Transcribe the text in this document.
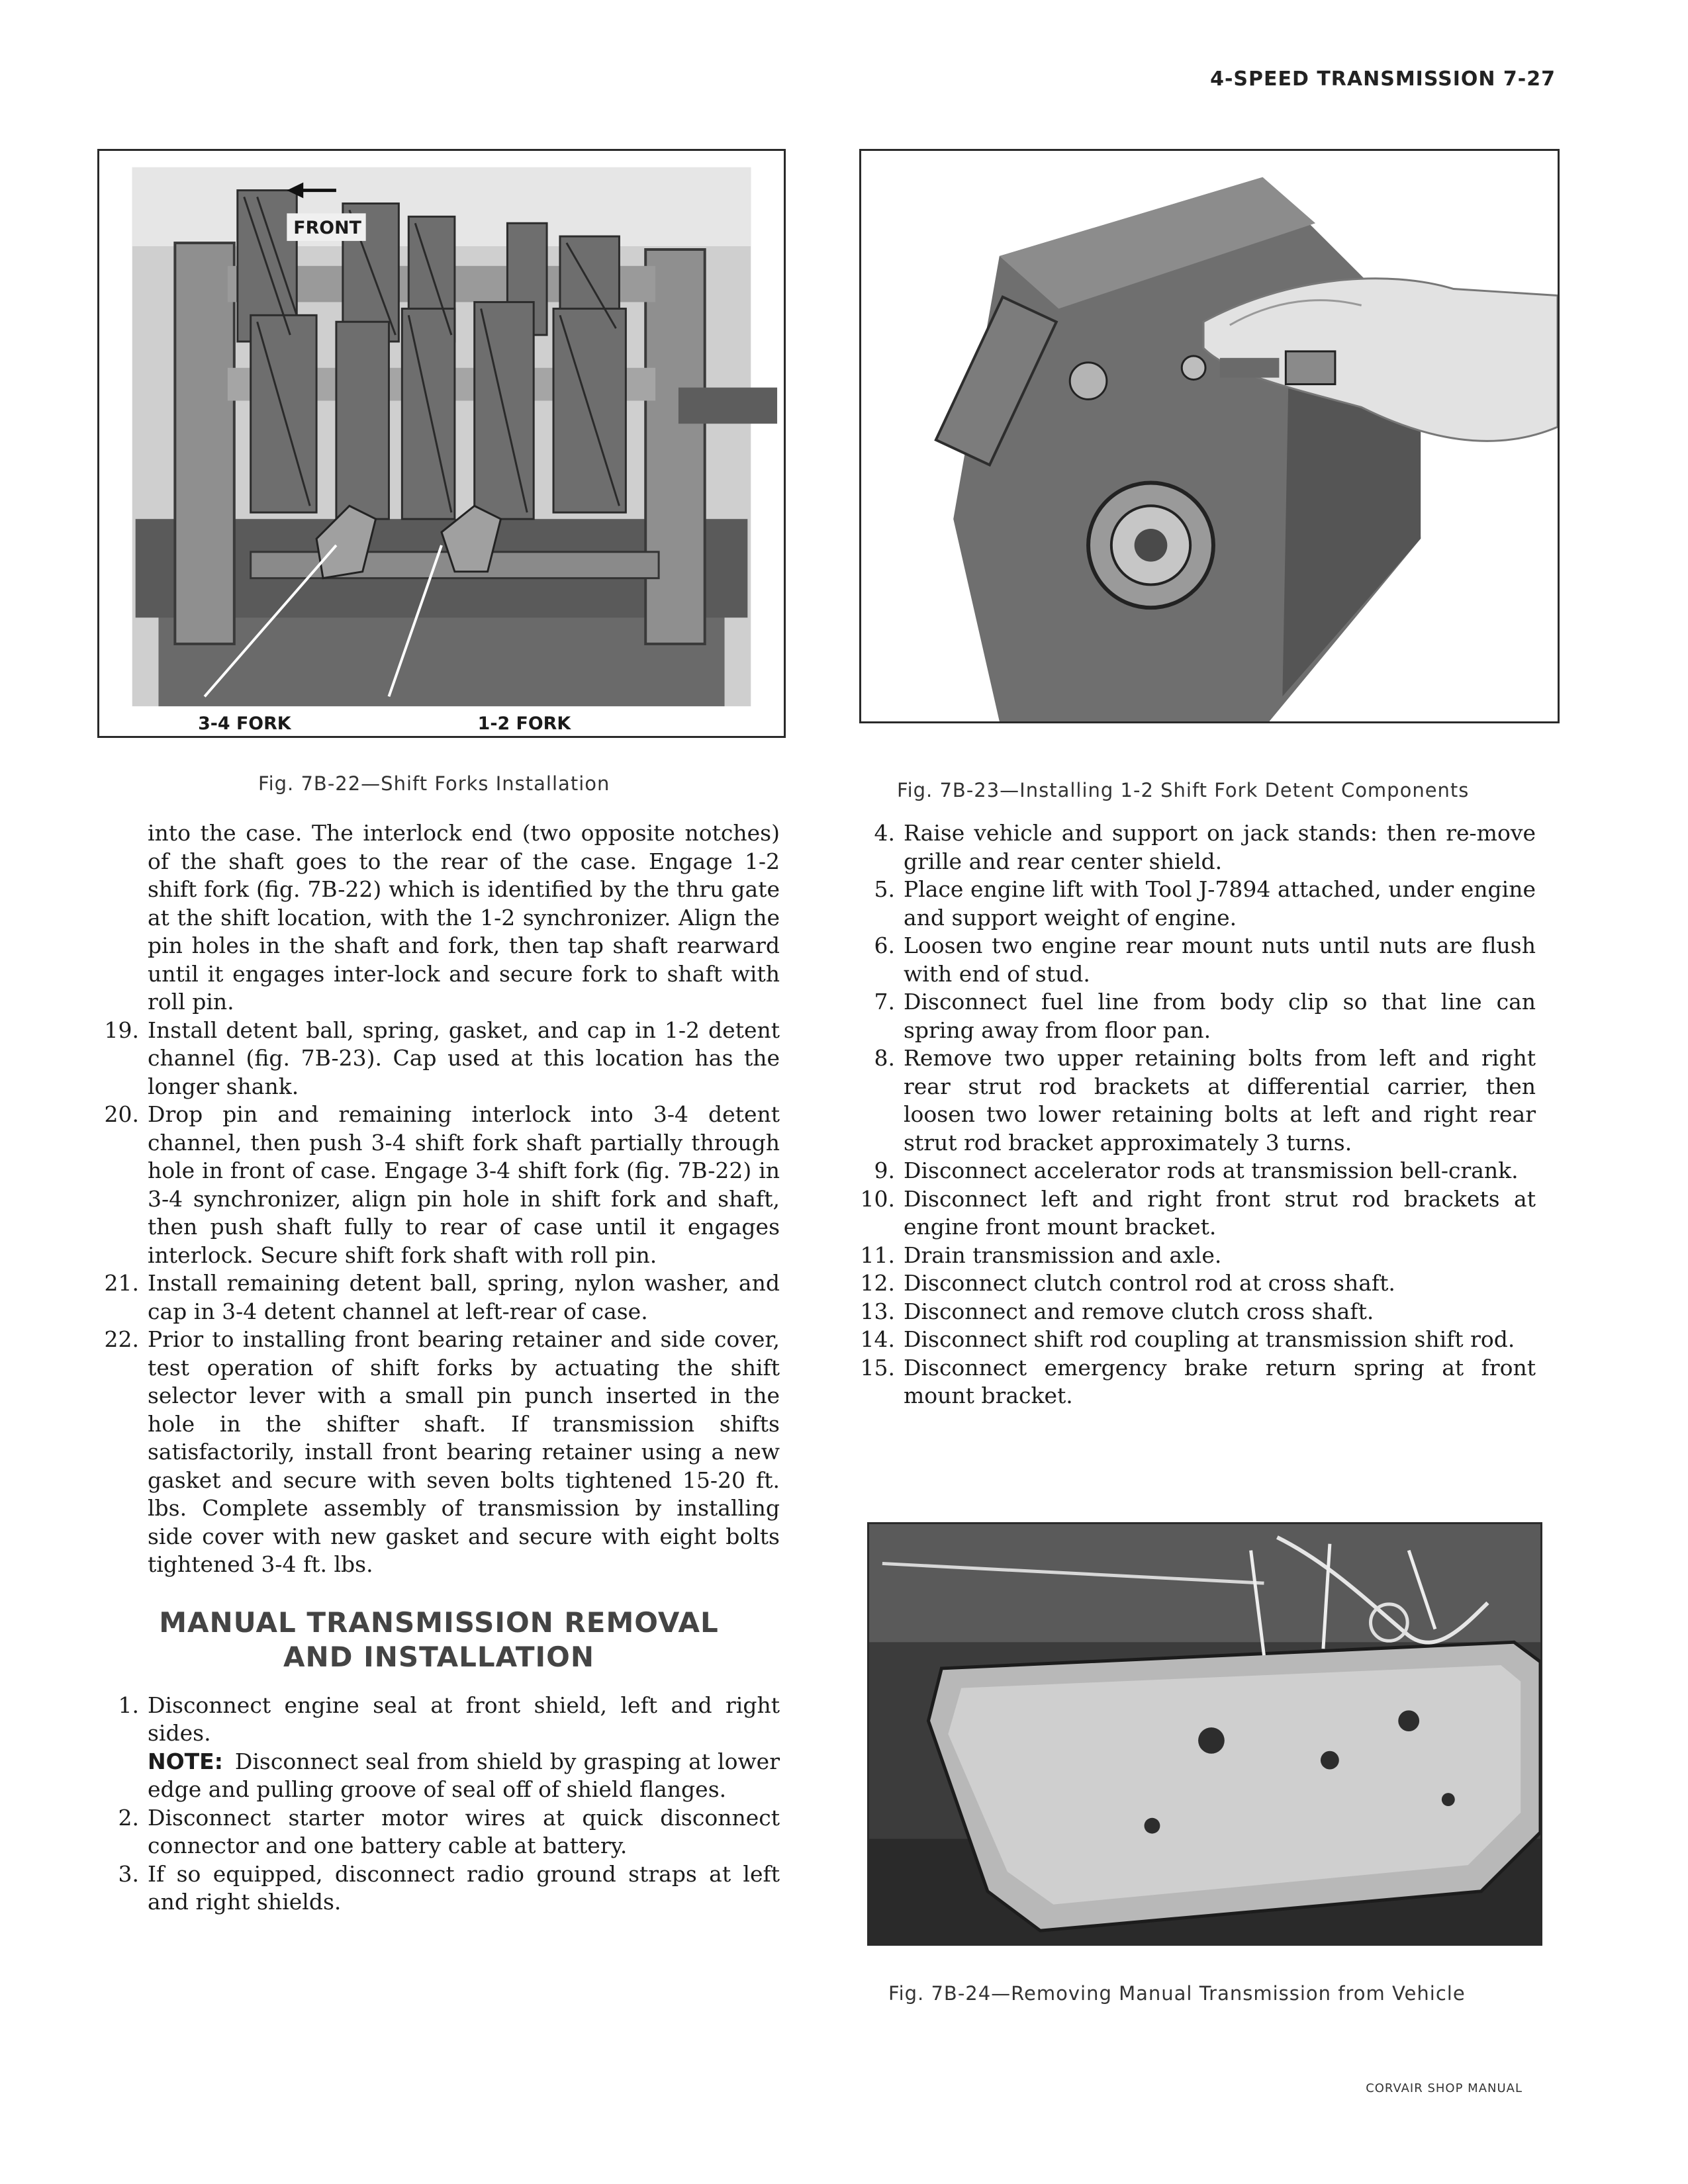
4-SPEED TRANSMISSION 7-27
FRONT
3-4 FORK	1-2 FORK
Fig. 7B-22—Shift Forks Installation	Fig. 7B-23—Installing 1-2 Shift Fork Detent Components

into the case. The interlock end (two opposite notches) of the shaft goes to the rear of the case. Engage 1-2 shift fork (fig. 7B-22) which is identified by the thru gate at the shift location, with the 1-2 synchronizer. Align the pin holes in the shaft and fork, then tap shaft rearward until it engages inter-lock and secure fork to shaft with roll pin.

19. Install detent ball, spring, gasket, and cap in 1-2 detent channel (fig. 7B-23). Cap used at this location has the longer shank.
20. Drop pin and remaining interlock into 3-4 detent channel, then push 3-4 shift fork shaft partially through hole in front of case. Engage 3-4 shift fork (fig. 7B-22) in 3-4 synchronizer, align pin hole in shift fork and shaft, then push shaft fully to rear of case until it engages interlock. Secure shift fork shaft with roll pin.
21. Install remaining detent ball, spring, nylon washer, and cap in 3-4 detent channel at left-rear of case.
22. Prior to installing front bearing retainer and side cover, test operation of shift forks by actuating the shift selector lever with a small pin punch inserted in the hole in the shifter shaft. If transmission shifts satisfactorily, install front bearing retainer using a new gasket and secure with seven bolts tightened 15-20 ft. lbs. Complete assembly of transmission by installing side cover with new gasket and secure with eight bolts tightened 3-4 ft. lbs.
MANUAL TRANSMISSION REMOVAL
AND INSTALLATION
1. Disconnect engine seal at front shield, left and right sides.

NOTE: Disconnect seal from shield by grasping at lower edge and pulling groove of seal off of shield flanges.

2. Disconnect starter motor wires at quick disconnect connector and one battery cable at battery.
3. If so equipped, disconnect radio ground straps at left and right shields.
4. Raise vehicle and support on jack stands: then re-move grille and rear center shield.
5. Place engine lift with Tool J-7894 attached, under engine and support weight of engine.
6. Loosen two engine rear mount nuts until nuts are flush with end of stud.
7. Disconnect fuel line from body clip so that line can spring away from floor pan.
8. Remove two upper retaining bolts from left and right rear strut rod brackets at differential carrier, then loosen two lower retaining bolts at left and right rear strut rod bracket approximately 3 turns.
9. Disconnect accelerator rods at transmission bell-crank.
10. Disconnect left and right front strut rod brackets at engine front mount bracket.
11. Drain transmission and axle.
12. Disconnect clutch control rod at cross shaft.
13. Disconnect and remove clutch cross shaft.
14. Disconnect shift rod coupling at transmission shift rod.
15. Disconnect emergency brake return spring at front mount bracket.
Fig. 7B-24—Removing Manual Transmission from Vehicle
CORVAIR SHOP MANUAL
